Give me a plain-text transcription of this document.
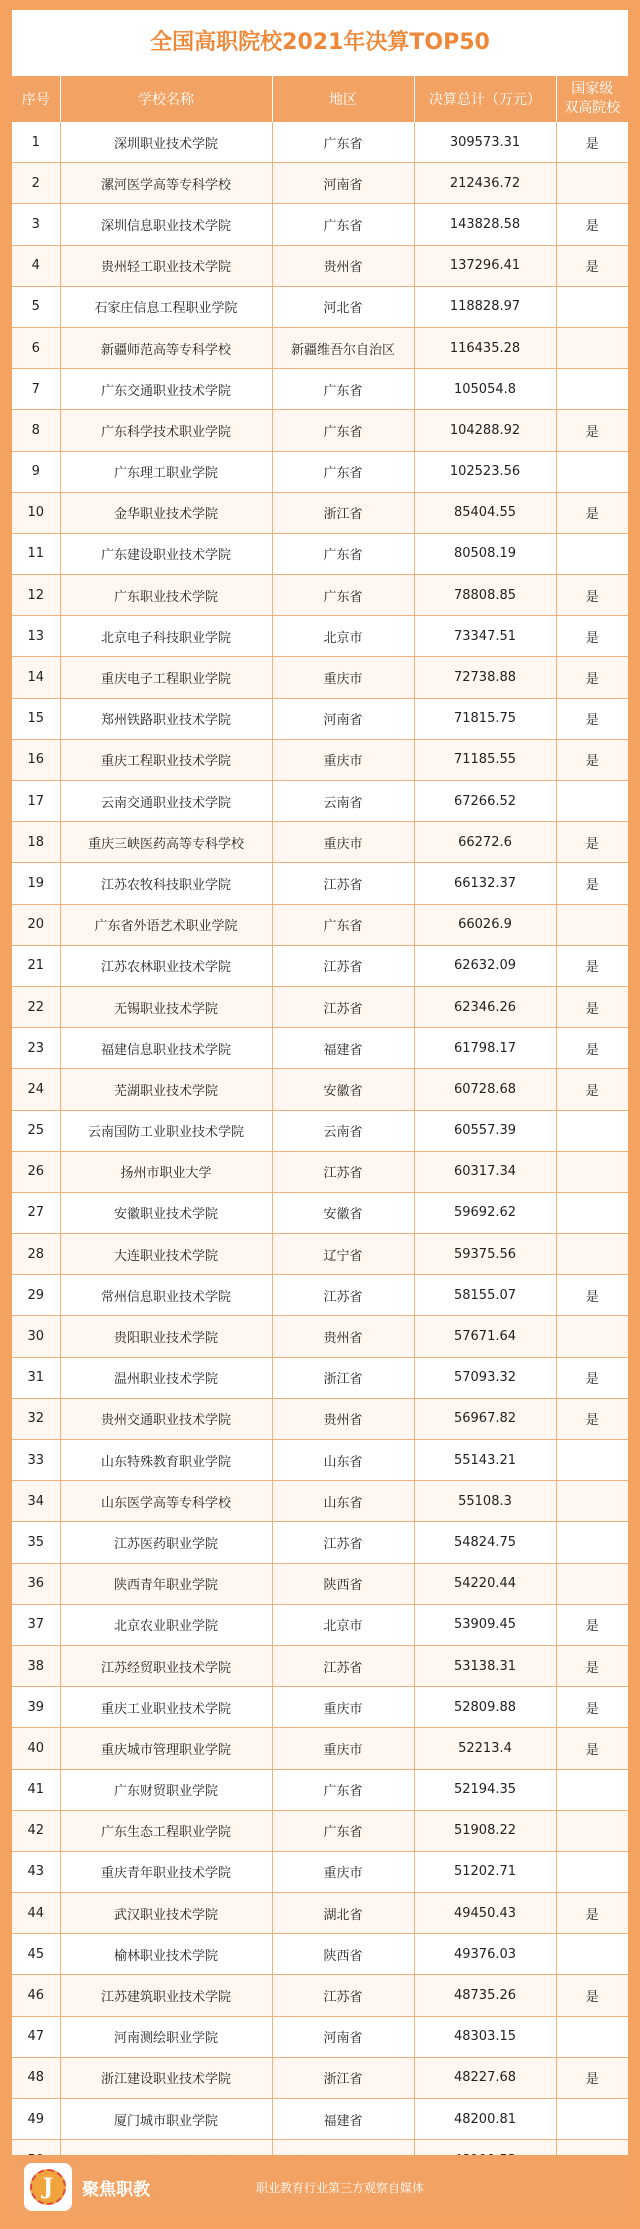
全国高职院校2021年决算TOP50
序号	学校名称	地区	决算总计（万元）	国家级
双高院校
1	深圳职业技术学院	广东省	309573.31	是
2	漯河医学高等专科学校	河南省	212436.72	
3	深圳信息职业技术学院	广东省	143828.58	是
4	贵州轻工职业技术学院	贵州省	137296.41	是
5	石家庄信息工程职业学院	河北省	118828.97	
6	新疆师范高等专科学校	新疆维吾尔自治区	116435.28	
7	广东交通职业技术学院	广东省	105054.8	
8	广东科学技术职业学院	广东省	104288.92	是
9	广东理工职业学院	广东省	102523.56	
10	金华职业技术学院	浙江省	85404.55	是
11	广东建设职业技术学院	广东省	80508.19	
12	广东职业技术学院	广东省	78808.85	是
13	北京电子科技职业学院	北京市	73347.51	是
14	重庆电子工程职业学院	重庆市	72738.88	是
15	郑州铁路职业技术学院	河南省	71815.75	是
16	重庆工程职业技术学院	重庆市	71185.55	是
17	云南交通职业技术学院	云南省	67266.52	
18	重庆三峡医药高等专科学校	重庆市	66272.6	是
19	江苏农牧科技职业学院	江苏省	66132.37	是
20	广东省外语艺术职业学院	广东省	66026.9	
21	江苏农林职业技术学院	江苏省	62632.09	是
22	无锡职业技术学院	江苏省	62346.26	是
23	福建信息职业技术学院	福建省	61798.17	是
24	芜湖职业技术学院	安徽省	60728.68	是
25	云南国防工业职业技术学院	云南省	60557.39	
26	扬州市职业大学	江苏省	60317.34	
27	安徽职业技术学院	安徽省	59692.62	
28	大连职业技术学院	辽宁省	59375.56	
29	常州信息职业技术学院	江苏省	58155.07	是
30	贵阳职业技术学院	贵州省	57671.64	
31	温州职业技术学院	浙江省	57093.32	是
32	贵州交通职业技术学院	贵州省	56967.82	是
33	山东特殊教育职业学院	山东省	55143.21	
34	山东医学高等专科学校	山东省	55108.3	
35	江苏医药职业学院	江苏省	54824.75	
36	陕西青年职业学院	陕西省	54220.44	
37	北京农业职业学院	北京市	53909.45	是
38	江苏经贸职业技术学院	江苏省	53138.31	是
39	重庆工业职业技术学院	重庆市	52809.88	是
40	重庆城市管理职业学院	重庆市	52213.4	是
41	广东财贸职业学院	广东省	52194.35	
42	广东生态工程职业学院	广东省	51908.22	
43	重庆青年职业技术学院	重庆市	51202.71	
44	武汉职业技术学院	湖北省	49450.43	是
45	榆林职业技术学院	陕西省	49376.03	
46	江苏建筑职业技术学院	江苏省	48735.26	是
47	河南测绘职业学院	河南省	48303.15	
48	浙江建设职业技术学院	浙江省	48227.68	是
49	厦门城市职业学院	福建省	48200.81	

J	聚焦职教	职业教育行业第三方观察自媒体
